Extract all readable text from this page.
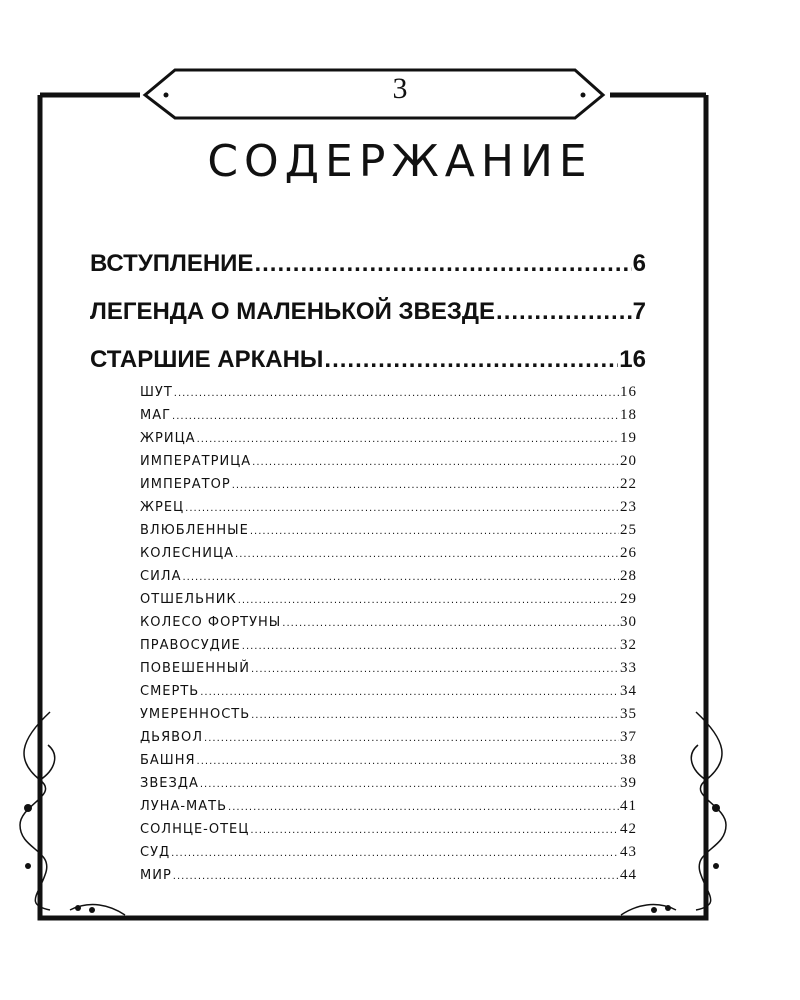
3
СОДЕРЖАНИЕ
ВСТУПЛЕНИЕ .....	6
ЛЕГЕНДА О МАЛЕНЬКОЙ ЗВЕЗДЕ .....	7
СТАРШИЕ АРКАНЫ .....	16
ШУТ .....	16
МАГ .....	18
ЖРИЦА .....	19
ИМПЕРАТРИЦА .....	20
ИМПЕРАТОР .....	22
ЖРЕЦ .....	23
ВЛЮБЛЕННЫЕ .....	25
КОЛЕСНИЦА .....	26
СИЛА .....	28
ОТШЕЛЬНИК .....	29
КОЛЕСО ФОРТУНЫ .....	30
ПРАВОСУДИЕ .....	32
ПОВЕШЕННЫЙ .....	33
СМЕРТЬ .....	34
УМЕРЕННОСТЬ .....	35
ДЬЯВОЛ .....	37
БАШНЯ .....	38
ЗВЕЗДА .....	39
ЛУНА-МАТЬ .....	41
СОЛНЦЕ-ОТЕЦ .....	42
СУД .....	43
МИР .....	44
